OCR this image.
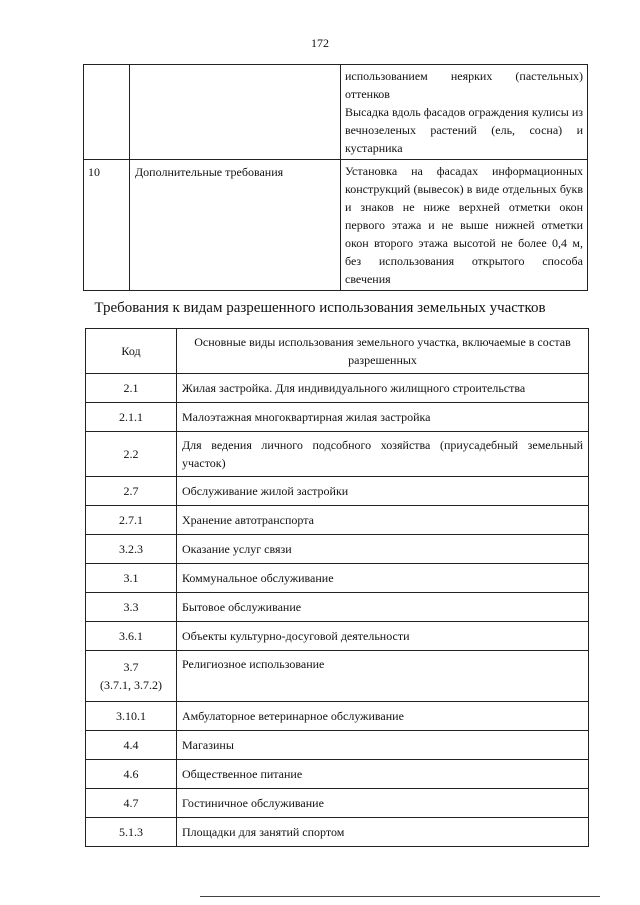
172

		использованием неярких (пастельных)
оттенков
Высадка вдоль фасадов ограждения кулисы из
вечнозеленых растений (ель, сосна) и
кустарника

10	Дополнительные требования	Установка на фасадах информационных конструкций (вывесок) в виде отдельных букв и знаков не ниже верхней отметки окон первого этажа и не выше нижней отметки окон второго этажа высотой не более 0,4 м, без использования открытого способа свечения
Требования к видам разрешенного использования земельных участков
Код	Основные виды использования земельного участка, включаемые в состав разрешенных
2.1	Жилая застройка. Для индивидуального жилищного строительства
2.1.1	Малоэтажная многоквартирная жилая застройка
2.2	Для ведения личного подсобного хозяйства (приусадебный земельный участок)
2.7	Обслуживание жилой застройки
2.7.1	Хранение автотранспорта
3.2.3	Оказание услуг связи
3.1	Коммунальное обслуживание
3.3	Бытовое обслуживание
3.6.1	Объекты культурно-досуговой деятельности

3.7
(3.7.1, 3.7.2)	Религиозное использование
3.10.1	Амбулаторное ветеринарное обслуживание
4.4	Магазины
4.6	Общественное питание
4.7	Гостиничное обслуживание
5.1.3	Площадки для занятий спортом
